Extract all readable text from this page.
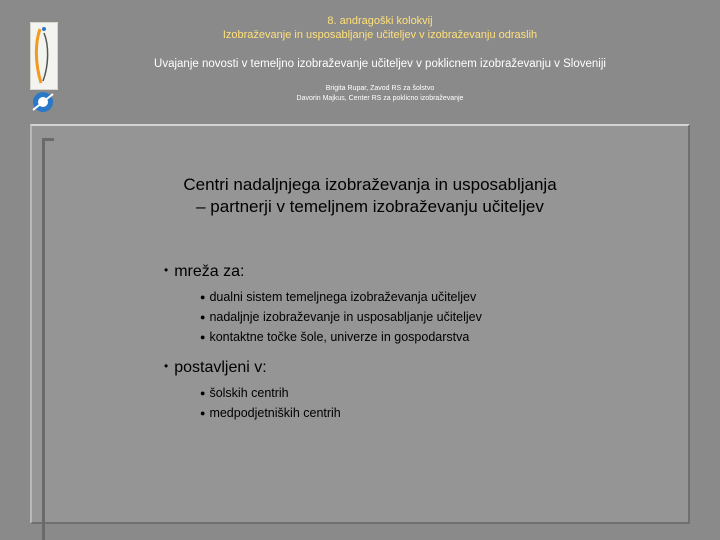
8. andragoški kolokvij
Izobraževanje in usposabljanje učiteljev v izobraževanju odraslih
Uvajanje novosti v temeljno izobraževanje učiteljev v poklicnem izobraževanju v Sloveniji
Brigita Rupar, Zavod RS za šolstvo
Davorin Majkus, Center RS za poklicno izobraževanje
Centri nadaljnjega izobraževanja in usposabljanja
– partnerji v temeljnem izobraževanju učiteljev
• mreža za:
● dualni sistem temeljnega izobraževanja učiteljev
● nadaljnje izobraževanje in usposabljanje učiteljev
● kontaktne točke šole, univerze in gospodarstva
• postavljeni v:
● šolskih centrih
● medpodjetniških centrih
